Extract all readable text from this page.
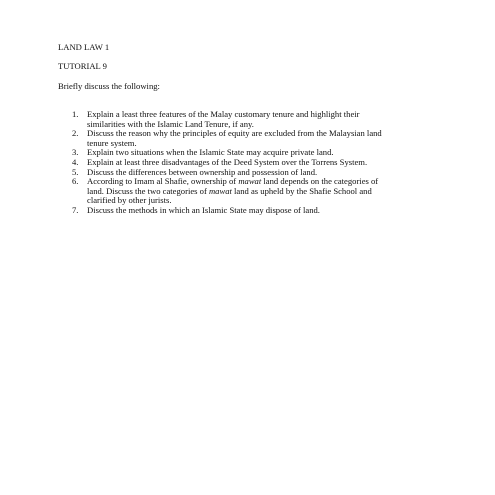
LAND LAW 1

TUTORIAL 9

Briefly discuss the following:

1. Explain a least three features of the Malay customary tenure and highlight their
similarities with the Islamic Land Tenure, if any.
2. Discuss the reason why the principles of equity are excluded from the Malaysian land
tenure system.
3. Explain two situations when the Islamic State may acquire private land.
4. Explain at least three disadvantages of the Deed System over the Torrens System.
5. Discuss the differences between ownership and possession of land.
6. According to Imam al Shafie, ownership of mawat land depends on the categories of
land. Discuss the two categories of mawat land as upheld by the Shafie School and
clarified by other jurists.
7. Discuss the methods in which an Islamic State may dispose of land.
